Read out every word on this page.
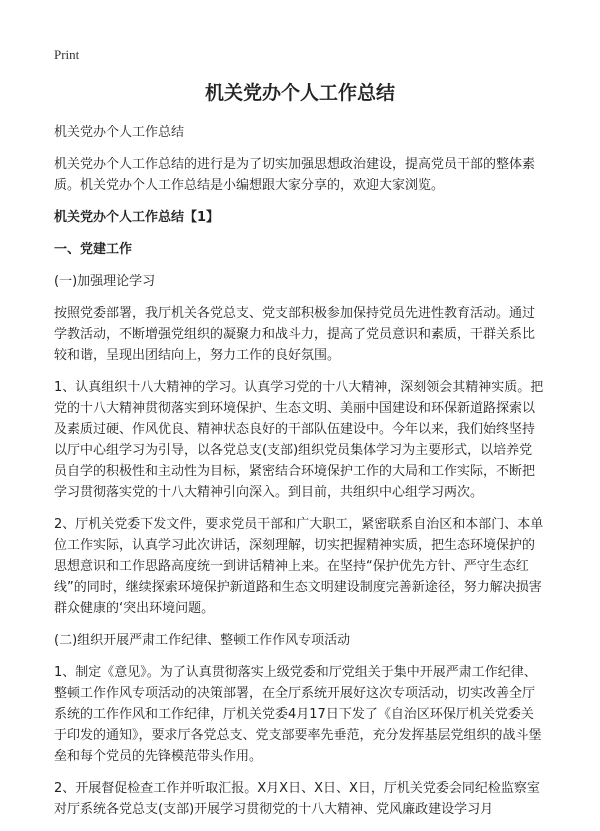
Print
机关党办个人工作总结

机关党办个人工作总结

机关党办个人工作总结的进行是为了切实加强思想政治建设，提高党员干部的整体素质。机关党办个人工作总结是小编想跟大家分享的，欢迎大家浏览。

机关党办个人工作总结【1】

一、党建工作

(一)加强理论学习

按照党委部署，我厅机关各党总支、党支部积极参加保持党员先进性教育活动。通过学教活动，不断增强党组织的凝聚力和战斗力，提高了党员意识和素质，干群关系比较和谐，呈现出团结向上，努力工作的良好氛围。

1、认真组织十八大精神的学习。认真学习党的十八大精神，深刻领会其精神实质。把党的十八大精神贯彻落实到环境保护、生态文明、美丽中国建设和环保新道路探索以及素质过硬、作风优良、精神状态良好的干部队伍建设中。今年以来，我们始终坚持以厅中心组学习为引导，以各党总支(支部)组织党员集体学习为主要形式，以培养党员自学的积极性和主动性为目标，紧密结合环境保护工作的大局和工作实际，不断把学习贯彻落实党的十八大精神引向深入。到目前，共组织中心组学习两次。

2、厅机关党委下发文件，要求党员干部和广大职工，紧密联系自治区和本部门、本单位工作实际，认真学习此次讲话，深刻理解，切实把握精神实质，把生态环境保护的思想意识和工作思路高度统一到讲话精神上来。在坚持“保护优先方针、严守生态红线”的同时，继续探索环境保护新道路和生态文明建设制度完善新途径，努力解决损害群众健康的‘突出环境问题。

(二)组织开展严肃工作纪律、整顿工作作风专项活动

1、制定《意见》。为了认真贯彻落实上级党委和厅党组关于集中开展严肃工作纪律、整顿工作作风专项活动的决策部署，在全厅系统开展好这次专项活动，切实改善全厅系统的工作作风和工作纪律，厅机关党委4月17日下发了《自治区环保厅机关党委关于印发的通知》，要求厅各党总支、党支部要率先垂范，充分发挥基层党组织的战斗堡垒和每个党员的先锋模范带头作用。

2、开展督促检查工作并听取汇报。X月X日、X日、X日，厅机关党委会同纪检监察室对厅系统各党总支(支部)开展学习贯彻党的十八大精神、党风廉政建设学习月
